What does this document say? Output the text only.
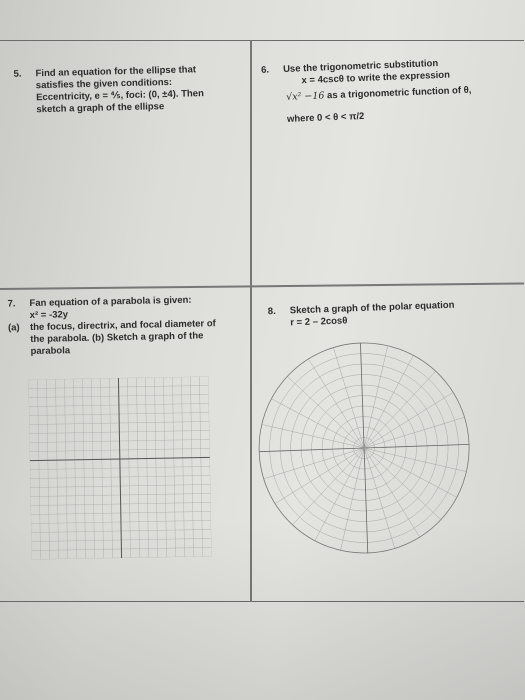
5. Find an equation for the ellipse that
satisfies the given conditions:
Eccentricity, e = ⅘, foci: (0, ±4). Then
sketch a graph of the ellipse
6. Use the trigonometric substitution
x = 4cscθ to write the expression
√x² −16 as a trigonometric function of θ,
where 0 < θ < π/2
7. Fan equation of a parabola is given:
x² = -32y
(a) the focus, directrix, and focal diameter of
the parabola. (b) Sketch a graph of the
parabola
8. Sketch a graph of the polar equation
r = 2 – 2cosθ
